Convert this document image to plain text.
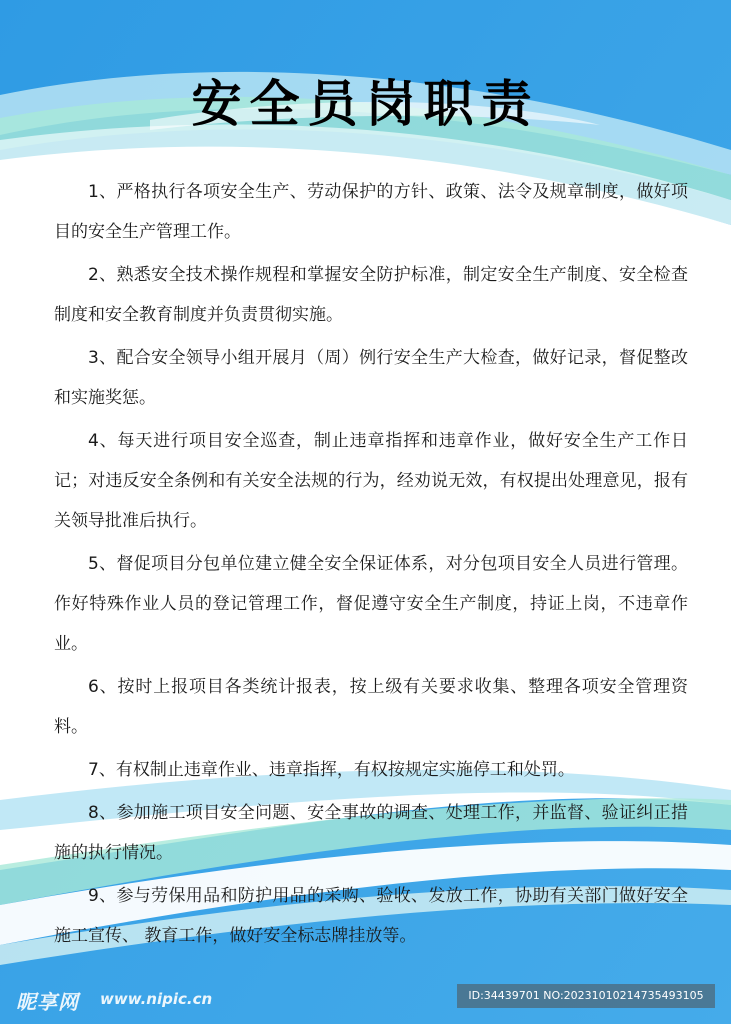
安全员岗职责

1、严格执行各项安全生产、劳动保护的方针、政策、法令及规章制度，做好项目的安全生产管理工作。

2、熟悉安全技术操作规程和掌握安全防护标准，制定安全生产制度、安全检查制度和安全教育制度并负责贯彻实施。

3、配合安全领导小组开展月（周）例行安全生产大检查，做好记录，督促整改和实施奖惩。

4、每天进行项目安全巡查，制止违章指挥和违章作业，做好安全生产工作日记；对违反安全条例和有关安全法规的行为，经劝说无效，有权提出处理意见，报有关领导批准后执行。

5、督促项目分包单位建立健全安全保证体系，对分包项目安全人员进行管理。作好特殊作业人员的登记管理工作，督促遵守安全生产制度，持证上岗，不违章作业。

6、按时上报项目各类统计报表，按上级有关要求收集、整理各项安全管理资料。

7、有权制止违章作业、违章指挥，有权按规定实施停工和处罚。

8、参加施工项目安全问题、安全事故的调查、处理工作，并监督、验证纠正措施的执行情况。

9、参与劳保用品和防护用品的采购、验收、发放工作，协助有关部门做好安全施工宣传、 教育工作，做好安全标志牌挂放等。

昵享网 www.nipic.cn	ID:34439701 NO:20231010214735493105
